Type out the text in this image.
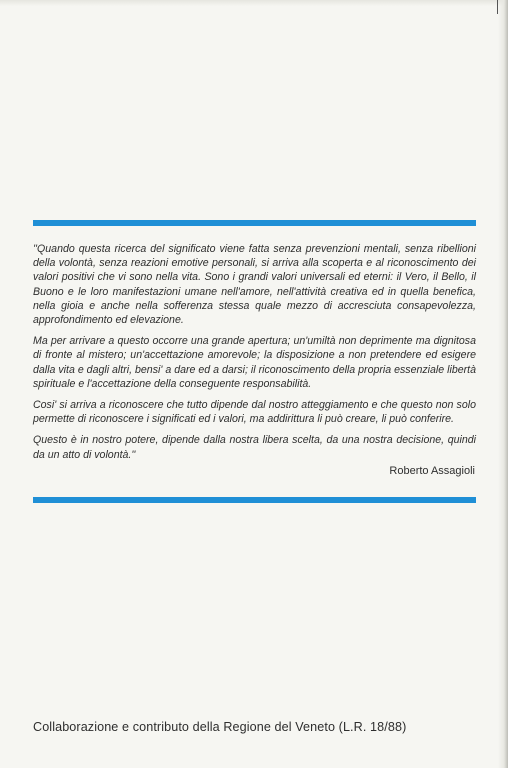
''Quando questa ricerca del significato viene fatta senza prevenzioni mentali, senza ribellioni della volontà, senza reazioni emotive personali, si arriva alla scoperta e al riconoscimento dei valori positivi che vi sono nella vita. Sono i grandi valori universali ed eterni: il Vero, il Bello, il Buono e le loro manifestazioni umane nell'amore, nell'attività creativa ed in quella benefica, nella gioia e anche nella sofferenza stessa quale mezzo di accresciuta consapevolezza, approfondimento ed elevazione.

Ma per arrivare a questo occorre una grande apertura; un'umiltà non deprimente ma dignitosa di fronte al mistero; un'accettazione amorevole; la disposizione a non pretendere ed esigere dalla vita e dagli altri, bensi' a dare ed a darsi; il riconoscimento della propria essenziale libertà spirituale e l'accettazione della conseguente responsabilità.

Cosi' si arriva a riconoscere che tutto dipende dal nostro atteggiamento e che questo non solo permette di riconoscere i significati ed i valori, ma addirittura li può creare, li può conferire.

Questo è in nostro potere, dipende dalla nostra libera scelta, da una nostra decisione, quindi da un atto di volontà.''

Roberto Assagioli
Collaborazione e contributo della Regione del Veneto (L.R. 18/88)
